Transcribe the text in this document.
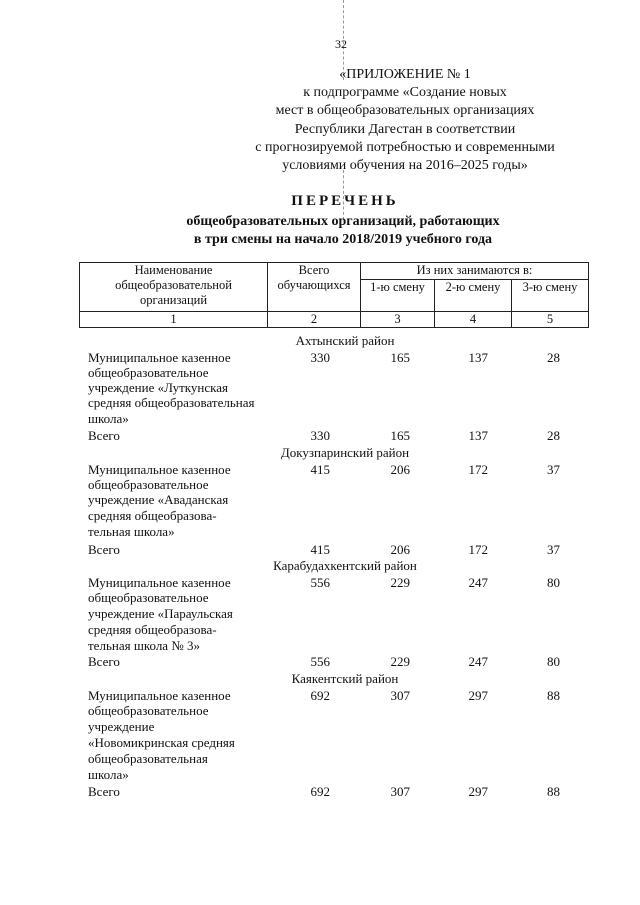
32
«ПРИЛОЖЕНИЕ № 1
к подпрограмме «Создание новых
мест в общеобразовательных организациях
Республики Дагестан в соответствии
с прогнозируемой потребностью и современными
условиями обучения на 2016–2025 годы»
ПЕРЕЧЕНЬ
общеобразовательных организаций, работающих
в три смены на начало 2018/2019 учебного года
Наименование общеобразовательной организаций	Всего обучающихся	Из них занимаются в:		
		1-ю смену	2-ю смену	3-ю смену
1	2	3	4	5
Ахтынский район
Муниципальное казенное
общеобразовательное
учреждение «Луткунская
средняя общеобразовательная
школа»
330	165	137	28
Всего	330	165	137	28
Докузпаринский район
Муниципальное казенное
общеобразовательное
учреждение «Аваданская
средняя общеобразова-
тельная школа»
415	206	172	37
Всего	415	206	172	37
Карабудахкентский район
Муниципальное казенное
общеобразовательное
учреждение «Параульская
средняя общеобразова-
тельная школа № 3»
556	229	247	80
Всего	556	229	247	80
Каякентский район
Муниципальное казенное
общеобразовательное
учреждение
«Новомикринская средняя
общеобразовательная
школа»
692	307	297	88
Всего	692	307	297	88
